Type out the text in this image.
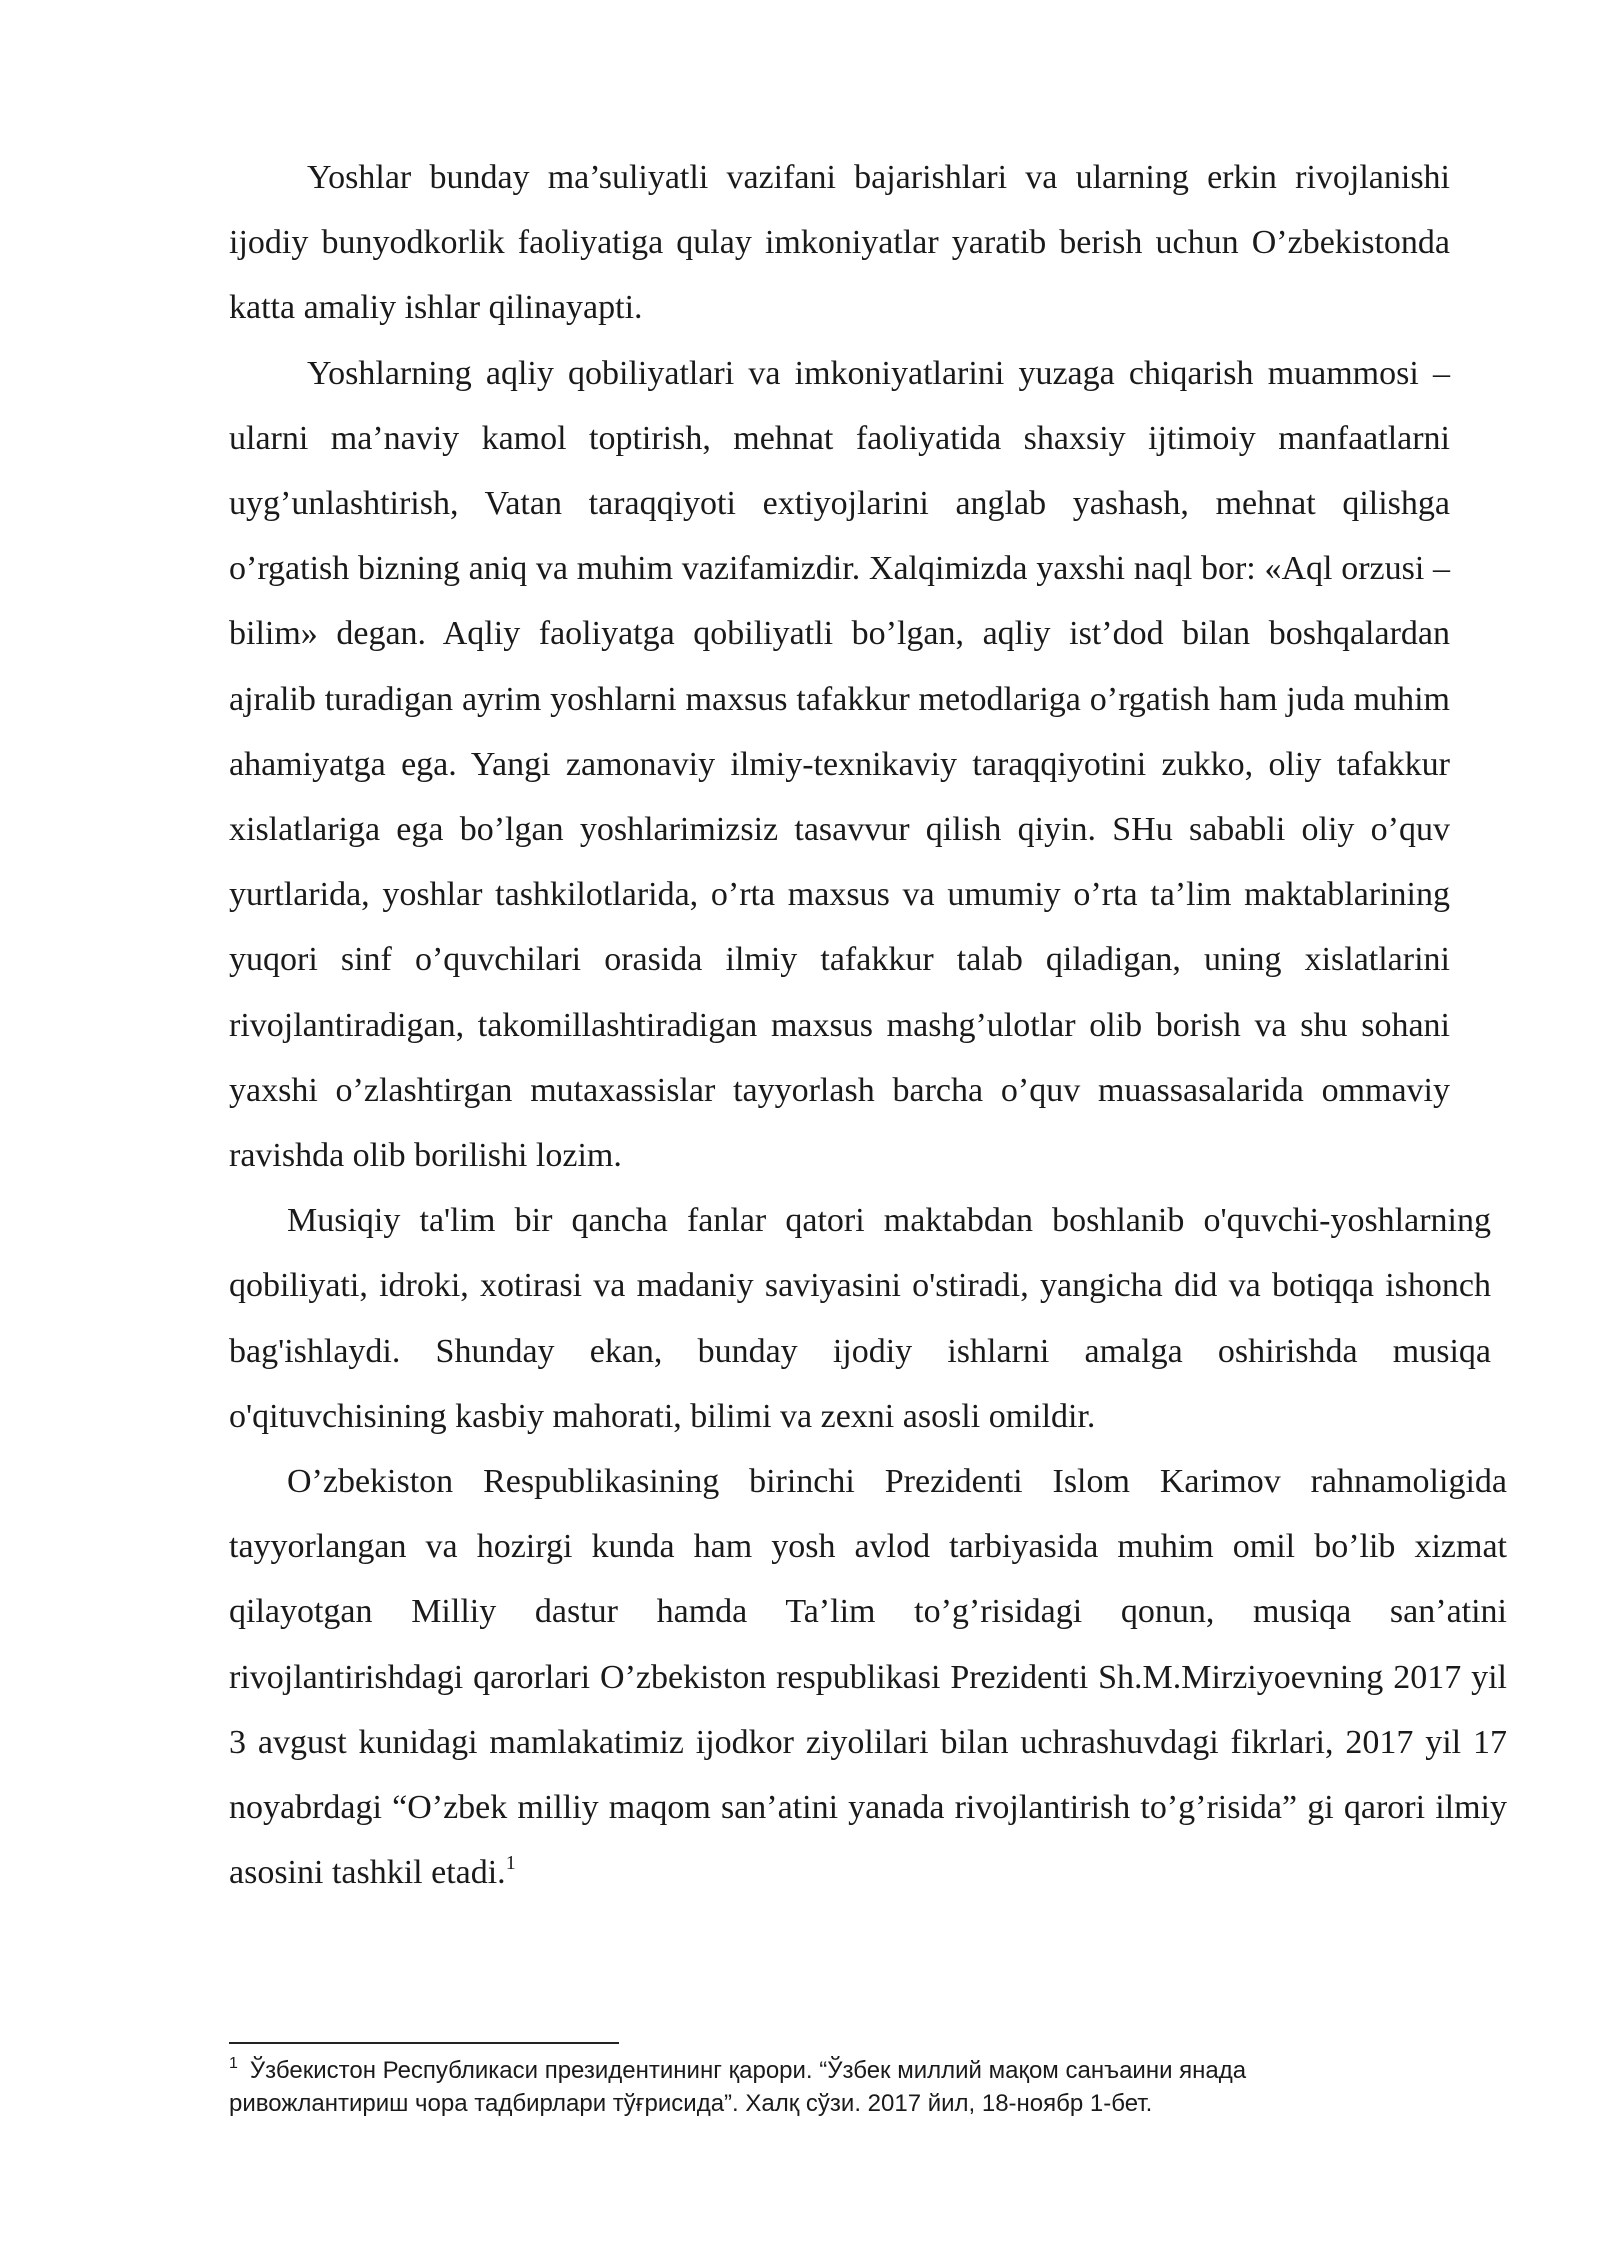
Yoshlar bunday ma’suliyatli vazifani bajarishlari va ularning erkin rivojlanishi ijodiy bunyodkorlik faoliyatiga qulay imkoniyatlar yaratib berish uchun O’zbekistonda katta amaliy ishlar qilinayapti.

Yoshlarning aqliy qobiliyatlari va imkoniyatlarini yuzaga chiqarish muammosi – ularni ma’naviy kamol toptirish, mehnat faoliyatida shaxsiy ijtimoiy manfaatlarni uyg’unlashtirish, Vatan taraqqiyoti extiyojlarini anglab yashash, mehnat qilishga o’rgatish bizning aniq va muhim vazifamizdir. Xalqimizda yaxshi naql bor: «Aql orzusi – bilim» degan. Aqliy faoliyatga qobiliyatli bo’lgan, aqliy ist’dod bilan boshqalardan ajralib turadigan ayrim yoshlarni maxsus tafakkur metodlariga o’rgatish ham juda muhim ahamiyatga ega. Yangi zamonaviy ilmiy-texnikaviy taraqqiyotini zukko, oliy tafakkur xislatlariga ega bo’lgan yoshlarimizsiz tasavvur qilish qiyin. SHu sababli oliy o’quv yurtlarida, yoshlar tashkilotlarida, o’rta maxsus va umumiy o’rta ta’lim maktablarining yuqori sinf o’quvchilari orasida ilmiy tafakkur talab qiladigan, uning xislatlarini rivojlantiradigan, takomillashtiradigan maxsus mashg’ulotlar olib borish va shu sohani yaxshi o’zlashtirgan mutaxassislar tayyorlash barcha o’quv muassasalarida ommaviy ravishda olib borilishi lozim.

Musiqiy ta'lim bir qancha fanlar qatori maktabdan boshlanib o'quvchi-yoshlarning qobiliyati, idroki, xotirasi va madaniy saviyasini o'stiradi, yangicha did va botiqqa ishonch bag'ishlaydi. Shunday ekan, bunday ijodiy ishlarni amalga oshirishda musiqa o'qituvchisining kasbiy mahorati, bilimi va zexni asosli omildir.

O’zbekiston Respublikasining birinchi Prezidenti Islom Karimov rahnamoligida tayyorlangan va hozirgi kunda ham yosh avlod tarbiyasida muhim omil bo’lib xizmat qilayotgan Milliy dastur hamda Ta’lim to’g’risidagi qonun, musiqa san’atini rivojlantirishdagi qarorlari O’zbekiston respublikasi Prezidenti Sh.M.Mirziyoevning 2017 yil 3 avgust kunidagi mamlakatimiz ijodkor ziyolilari bilan uchrashuvdagi fikrlari, 2017 yil 17 noyabrdagi “O’zbek milliy maqom san’atini yanada rivojlantirish to’g’risida” gi qarori ilmiy asosini tashkil etadi.$^1$

$^1$ Ўзбекистон Республикаси президентининг қарори. “Ўзбек миллий мақом санъаини янада ривожлантириш чора тадбирлари тўғрисида”. Халқ сўзи. 2017 йил, 18-ноябр 1-бет.
